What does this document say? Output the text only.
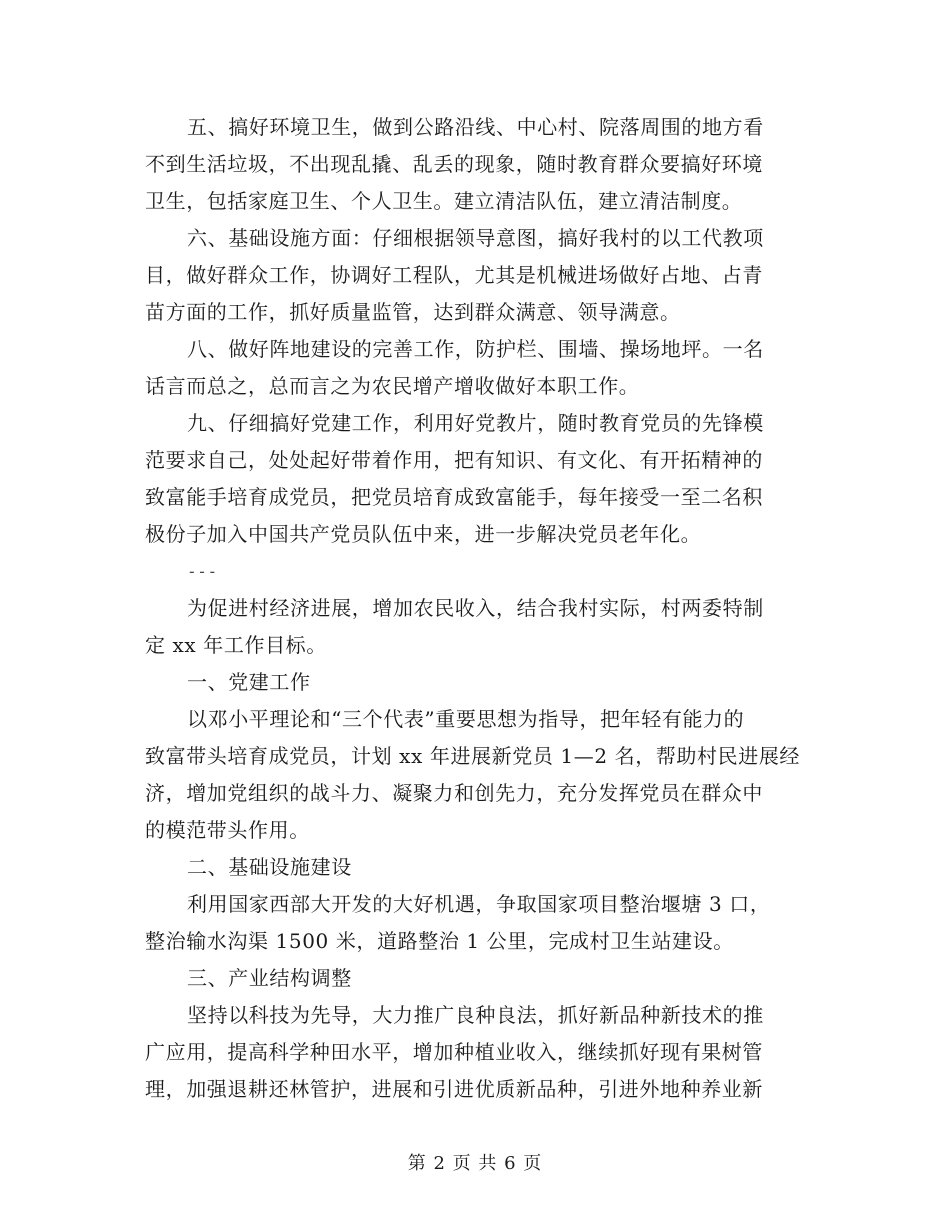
五、搞好环境卫生，做到公路沿线、中心村、院落周围的地方看
不到生活垃圾，不出现乱撬、乱丢的现象，随时教育群众要搞好环境
卫生，包括家庭卫生、个人卫生。建立清洁队伍，建立清洁制度。
六、基础设施方面：仔细根据领导意图，搞好我村的以工代教项
目，做好群众工作，协调好工程队，尤其是机械进场做好占地、占青
苗方面的工作，抓好质量监管，达到群众满意、领导满意。
八、做好阵地建设的完善工作，防护栏、围墙、操场地坪。一名
话言而总之，总而言之为农民增产增收做好本职工作。
九、仔细搞好党建工作，利用好党教片，随时教育党员的先锋模
范要求自己，处处起好带着作用，把有知识、有文化、有开拓精神的
致富能手培育成党员，把党员培育成致富能手，每年接受一至二名积
极份子加入中国共产党员队伍中来，进一步解决党员老年化。
---
为促进村经济进展，增加农民收入，结合我村实际，村两委特制
定 xx 年工作目标。
一、党建工作
以邓小平理论和“三个代表”重要思想为指导，把年轻有能力的
致富带头培育成党员，计划 xx 年进展新党员 1—2 名，帮助村民进展经
济，增加党组织的战斗力、凝聚力和创先力，充分发挥党员在群众中
的模范带头作用。
二、基础设施建设
利用国家西部大开发的大好机遇，争取国家项目整治堰塘 3 口，
整治输水沟渠 1500 米，道路整治 1 公里，完成村卫生站建设。
三、产业结构调整
坚持以科技为先导，大力推广良种良法，抓好新品种新技术的推
广应用，提高科学种田水平，增加种植业收入，继续抓好现有果树管
理，加强退耕还林管护，进展和引进优质新品种，引进外地种养业新
第 2 页 共 6 页
